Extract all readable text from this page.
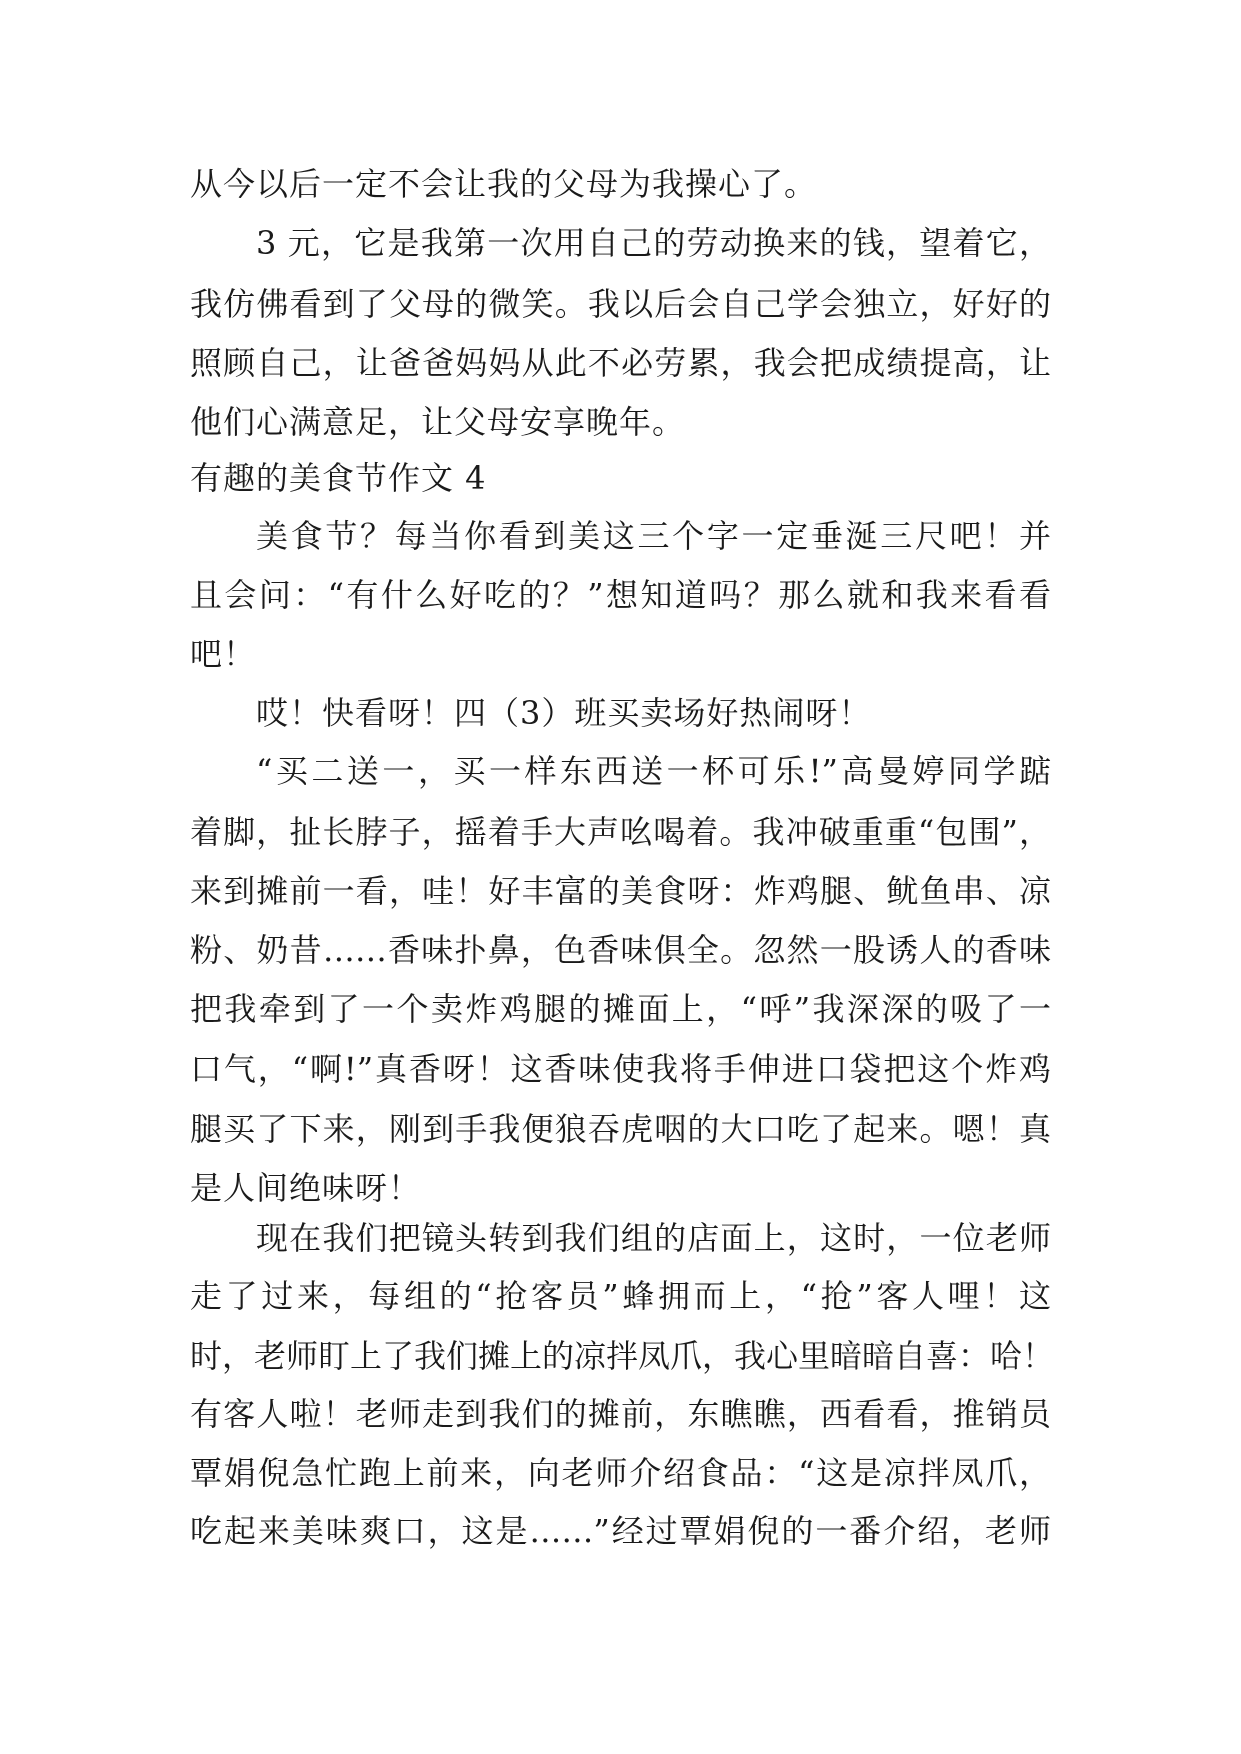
从今以后一定不会让我的父母为我操心了。
3 元，它是我第一次用自己的劳动换来的钱，望着它，
我仿佛看到了父母的微笑。我以后会自己学会独立，好好的
照顾自己，让爸爸妈妈从此不必劳累，我会把成绩提高，让
他们心满意足，让父母安享晚年。
有趣的美食节作文 4
美食节？每当你看到美这三个字一定垂涎三尺吧！并
且会问：“有什么好吃的？”想知道吗？那么就和我来看看
吧！
哎！快看呀！四（3）班买卖场好热闹呀！
“买二送一，买一样东西送一杯可乐!”高曼婷同学踮
着脚，扯长脖子，摇着手大声吆喝着。我冲破重重“包围”，
来到摊前一看，哇！好丰富的美食呀：炸鸡腿、鱿鱼串、凉
粉、奶昔……香味扑鼻，色香味俱全。忽然一股诱人的香味
把我牵到了一个卖炸鸡腿的摊面上，“呼”我深深的吸了一
口气，“啊!”真香呀！这香味使我将手伸进口袋把这个炸鸡
腿买了下来，刚到手我便狼吞虎咽的大口吃了起来。嗯！真
是人间绝味呀！
现在我们把镜头转到我们组的店面上，这时，一位老师
走了过来，每组的“抢客员”蜂拥而上，“抢”客人哩！这
时，老师盯上了我们摊上的凉拌凤爪，我心里暗暗自喜：哈！
有客人啦！老师走到我们的摊前，东瞧瞧，西看看，推销员
覃娟倪急忙跑上前来，向老师介绍食品：“这是凉拌凤爪，
吃起来美味爽口，这是……”经过覃娟倪的一番介绍，老师
